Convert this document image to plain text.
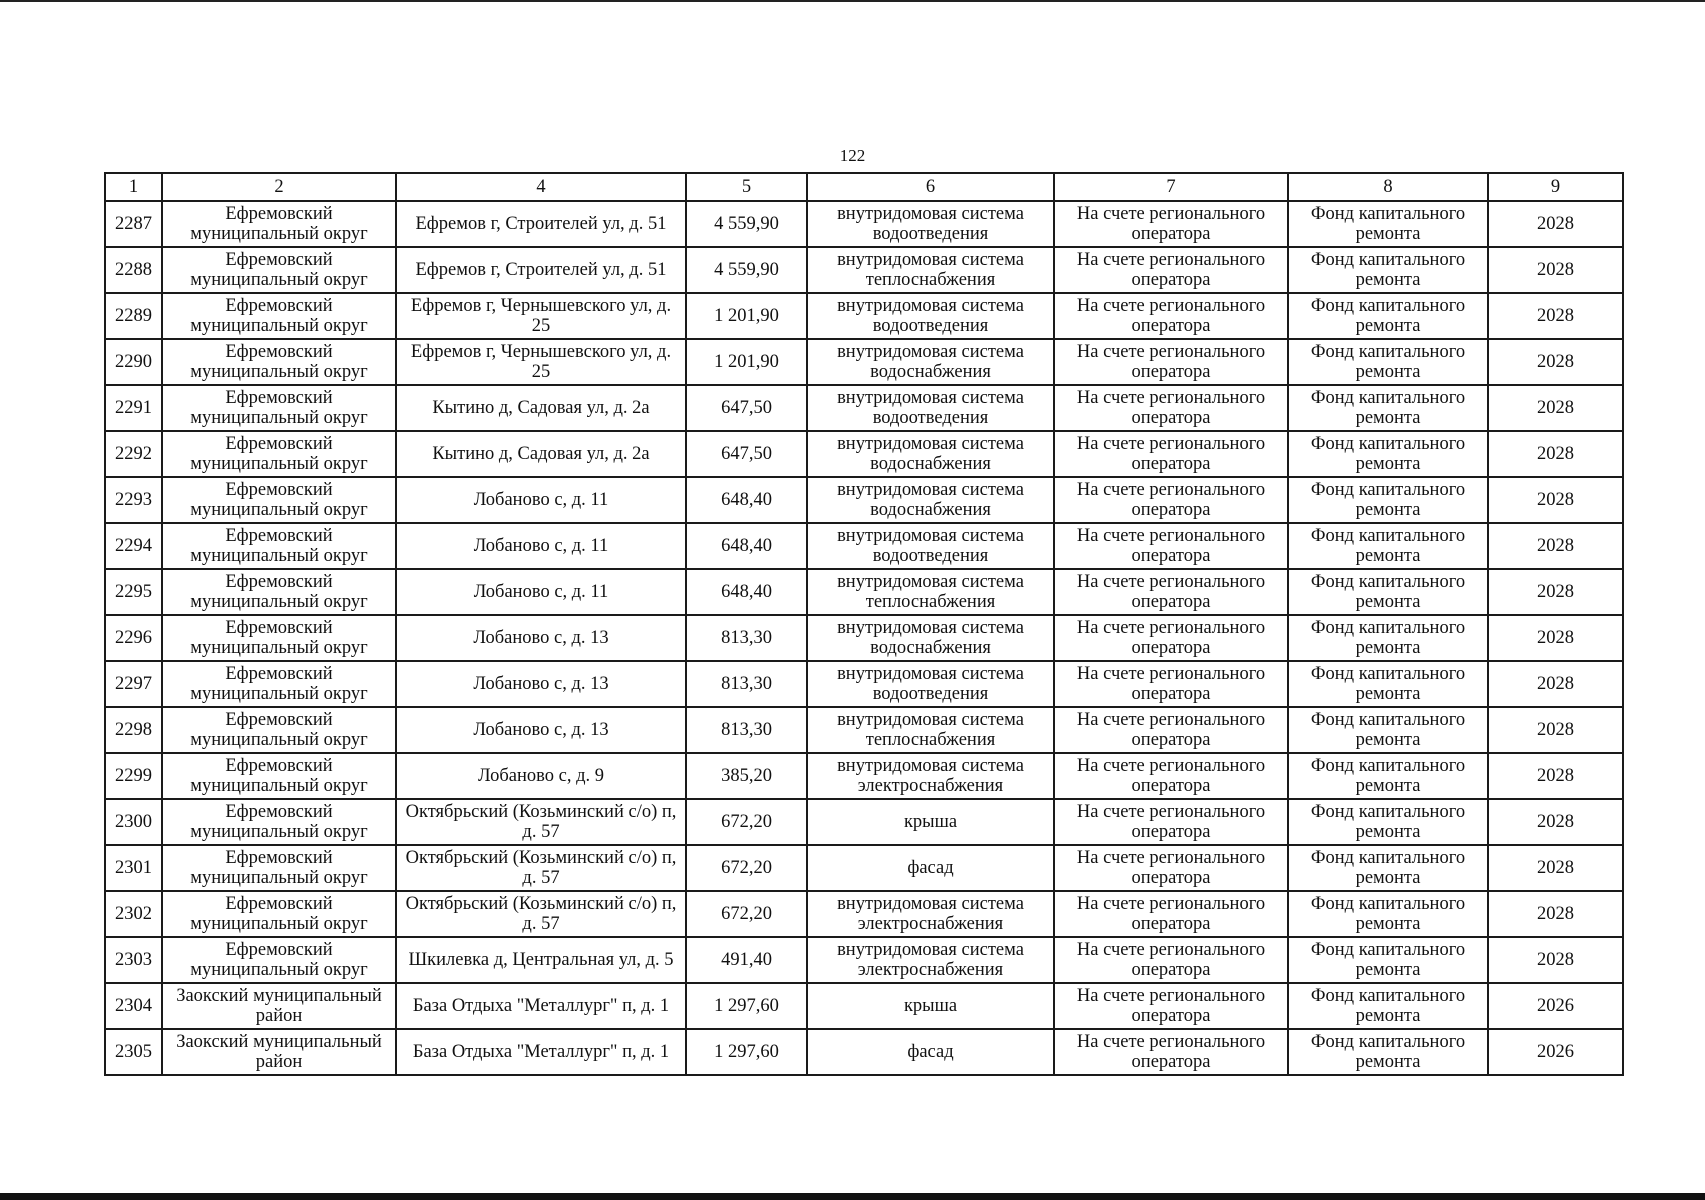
122
1	2	4	5	6	7	8	9
2287	Ефремовский муниципальный округ	Ефремов г, Строителей ул, д. 51	4 559,90	внутридомовая система водоотведения	На счете регионального оператора	Фонд капитального ремонта	2028
2288	Ефремовский муниципальный округ	Ефремов г, Строителей ул, д. 51	4 559,90	внутридомовая система теплоснабжения	На счете регионального оператора	Фонд капитального ремонта	2028
2289	Ефремовский муниципальный округ	Ефремов г, Чернышевского ул, д. 25	1 201,90	внутридомовая система водоотведения	На счете регионального оператора	Фонд капитального ремонта	2028
2290	Ефремовский муниципальный округ	Ефремов г, Чернышевского ул, д. 25	1 201,90	внутридомовая система водоснабжения	На счете регионального оператора	Фонд капитального ремонта	2028
2291	Ефремовский муниципальный округ	Кытино д, Садовая ул, д. 2а	647,50	внутридомовая система водоотведения	На счете регионального оператора	Фонд капитального ремонта	2028
2292	Ефремовский муниципальный округ	Кытино д, Садовая ул, д. 2а	647,50	внутридомовая система водоснабжения	На счете регионального оператора	Фонд капитального ремонта	2028
2293	Ефремовский муниципальный округ	Лобаново с, д. 11	648,40	внутридомовая система водоснабжения	На счете регионального оператора	Фонд капитального ремонта	2028
2294	Ефремовский муниципальный округ	Лобаново с, д. 11	648,40	внутридомовая система водоотведения	На счете регионального оператора	Фонд капитального ремонта	2028
2295	Ефремовский муниципальный округ	Лобаново с, д. 11	648,40	внутридомовая система теплоснабжения	На счете регионального оператора	Фонд капитального ремонта	2028
2296	Ефремовский муниципальный округ	Лобаново с, д. 13	813,30	внутридомовая система водоснабжения	На счете регионального оператора	Фонд капитального ремонта	2028
2297	Ефремовский муниципальный округ	Лобаново с, д. 13	813,30	внутридомовая система водоотведения	На счете регионального оператора	Фонд капитального ремонта	2028
2298	Ефремовский муниципальный округ	Лобаново с, д. 13	813,30	внутридомовая система теплоснабжения	На счете регионального оператора	Фонд капитального ремонта	2028
2299	Ефремовский муниципальный округ	Лобаново с, д. 9	385,20	внутридомовая система электроснабжения	На счете регионального оператора	Фонд капитального ремонта	2028
2300	Ефремовский муниципальный округ	Октябрьский (Козьминский с/о) п, д. 57	672,20	крыша	На счете регионального оператора	Фонд капитального ремонта	2028
2301	Ефремовский муниципальный округ	Октябрьский (Козьминский с/о) п, д. 57	672,20	фасад	На счете регионального оператора	Фонд капитального ремонта	2028
2302	Ефремовский муниципальный округ	Октябрьский (Козьминский с/о) п, д. 57	672,20	внутридомовая система электроснабжения	На счете регионального оператора	Фонд капитального ремонта	2028
2303	Ефремовский муниципальный округ	Шкилевка д, Центральная ул, д. 5	491,40	внутридомовая система электроснабжения	На счете регионального оператора	Фонд капитального ремонта	2028
2304	Заокский муниципальный район	База Отдыха "Металлург" п, д. 1	1 297,60	крыша	На счете регионального оператора	Фонд капитального ремонта	2026
2305	Заокский муниципальный район	База Отдыха "Металлург" п, д. 1	1 297,60	фасад	На счете регионального оператора	Фонд капитального ремонта	2026
